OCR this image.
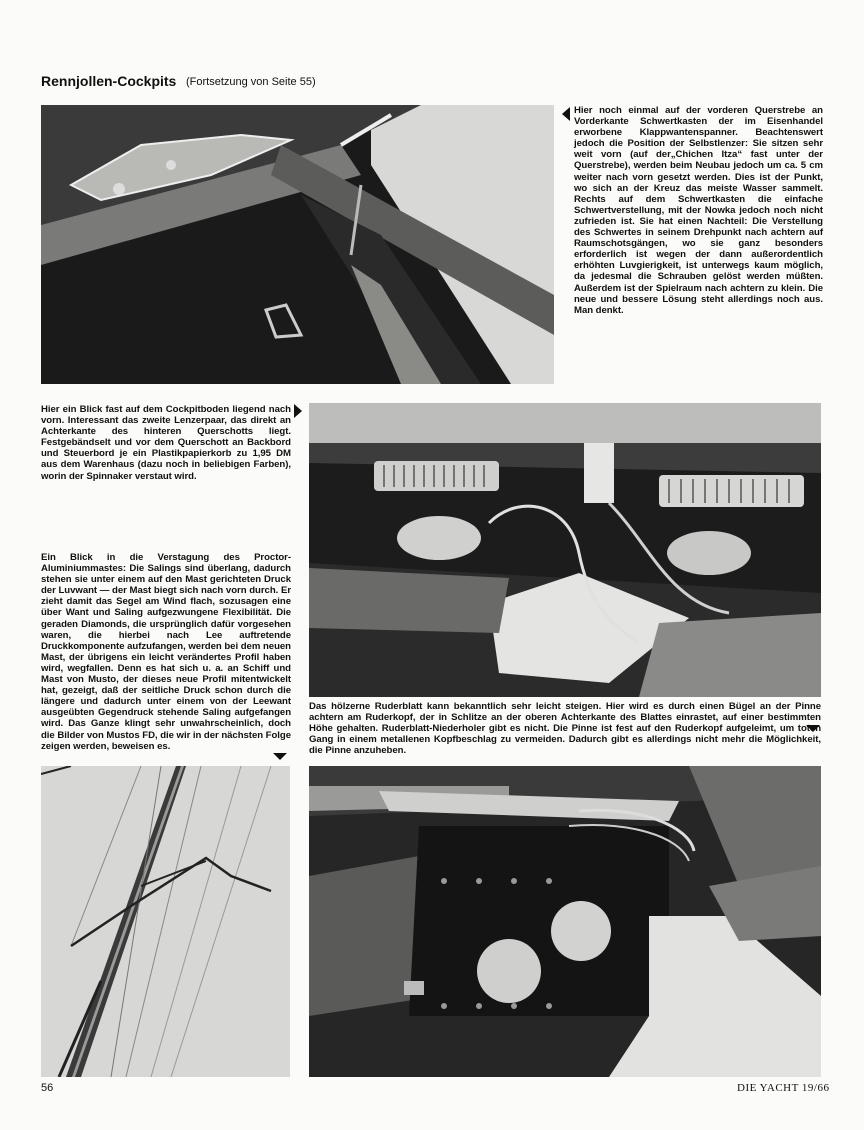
Rennjollen-Cockpits (Fortsetzung von Seite 55)
Hier noch einmal auf der vorderen Querstrebe an Vorderkante Schwertkasten der im Eisenhandel erworbene Klappwantenspanner. Beachtenswert jedoch die Position der Selbstlenzer: Sie sitzen sehr weit vorn (auf der„Chichen Itza“ fast unter der Querstrebe), werden beim Neubau jedoch um ca. 5 cm weiter nach vorn gesetzt werden. Dies ist der Punkt, wo sich an der Kreuz das meiste Wasser sammelt. Rechts auf dem Schwertkasten die einfache Schwertverstellung, mit der Nowka jedoch noch nicht zufrieden ist. Sie hat einen Nachteil: Die Verstellung des Schwertes in seinem Drehpunkt nach achtern auf Raumschotsgängen, wo sie ganz besonders erforderlich ist wegen der dann außerordentlich erhöhten Luvgierigkeit, ist unterwegs kaum möglich, da jedesmal die Schrauben gelöst werden müßten. Außerdem ist der Spielraum nach achtern zu klein. Die neue und bessere Lösung steht allerdings noch aus. Man denkt.
Hier ein Blick fast auf dem Cockpitboden liegend nach vorn. Interessant das zweite Lenzerpaar, das direkt an Achterkante des hinteren Querschotts liegt. Festgebändselt und vor dem Querschott an Backbord und Steuerbord je ein Plastikpapierkorb zu 1,95 DM aus dem Warenhaus (dazu noch in beliebigen Farben), worin der Spinnaker verstaut wird.
Ein Blick in die Verstagung des Proctor-Aluminiummastes: Die Salings sind überlang, dadurch stehen sie unter einem auf den Mast gerichteten Druck der Luvwant — der Mast biegt sich nach vorn durch. Er zieht damit das Segel am Wind flach, sozusagen eine über Want und Saling aufgezwungene Flexibilität. Die geraden Diamonds, die ursprünglich dafür vorgesehen waren, die hierbei nach Lee auftretende Druckkomponente aufzufangen, werden bei dem neuen Mast, der übrigens ein leicht verändertes Profil haben wird, wegfallen. Denn es hat sich u. a. an Schiff und Mast von Musto, der dieses neue Profil mitentwickelt hat, gezeigt, daß der seitliche Druck schon durch die längere und dadurch unter einem von der Leewant ausgeübten Gegendruck stehende Saling aufgefangen wird. Das Ganze klingt sehr unwahrscheinlich, doch die Bilder von Mustos FD, die wir in der nächsten Folge zeigen werden, beweisen es.
Das hölzerne Ruderblatt kann bekanntlich sehr leicht steigen. Hier wird es durch einen Bügel an der Pinne achtern am Ruderkopf, der in Schlitze an der oberen Achterkante des Blattes einrastet, auf einer bestimmten Höhe gehalten. Ruderblatt-Niederholer gibt es nicht. Die Pinne ist fest auf den Ruderkopf aufgeleimt, um toten Gang in einem metallenen Kopfbeschlag zu vermeiden. Dadurch gibt es allerdings nicht mehr die Möglichkeit, die Pinne anzuheben.
56	DIE YACHT 19/66
